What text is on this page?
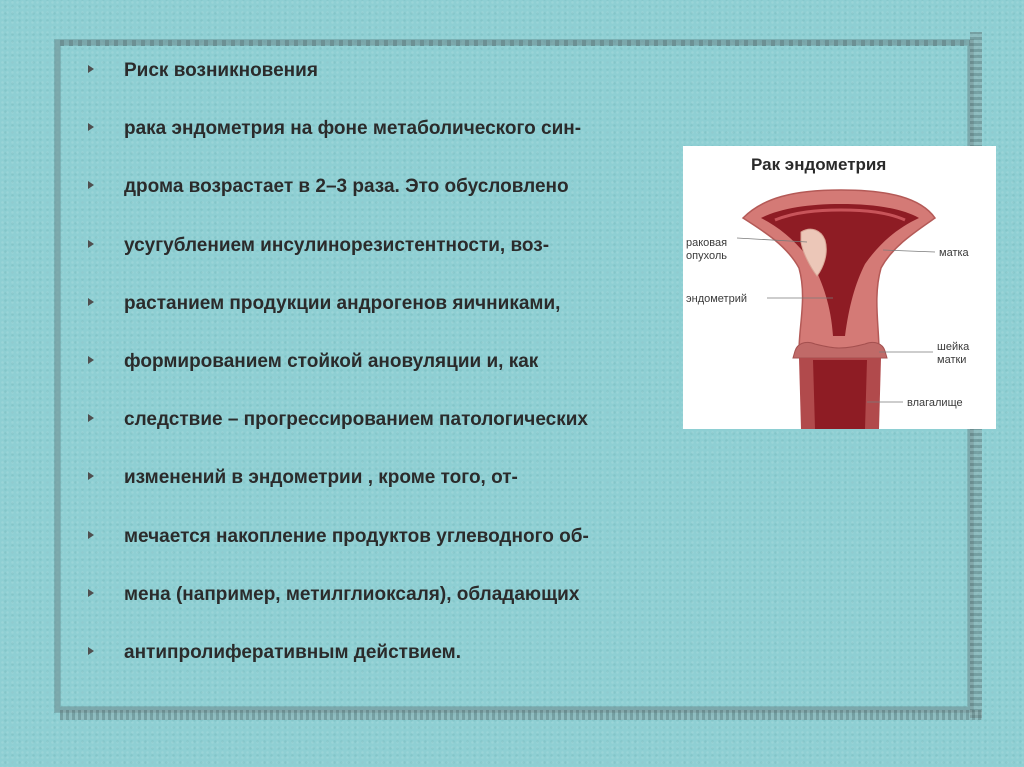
Риск возникновения
рака эндометрия на фоне метаболического син-
дрома возрастает в 2–3 раза. Это обусловлено
усугублением инсулинорезистентности, воз-
растанием продукции андрогенов яичниками,
формированием стойкой ановуляции и, как
следствие – прогрессированием патологических
изменений в эндометрии , кроме того, от-
мечается накопление продуктов углеводного об-
мена (например, метилглиоксаля), обладающих
антипролиферативным действием.
Рак эндометрия
раковая
опухоль	матка
эндометрий
шейка
матки
влагалище
